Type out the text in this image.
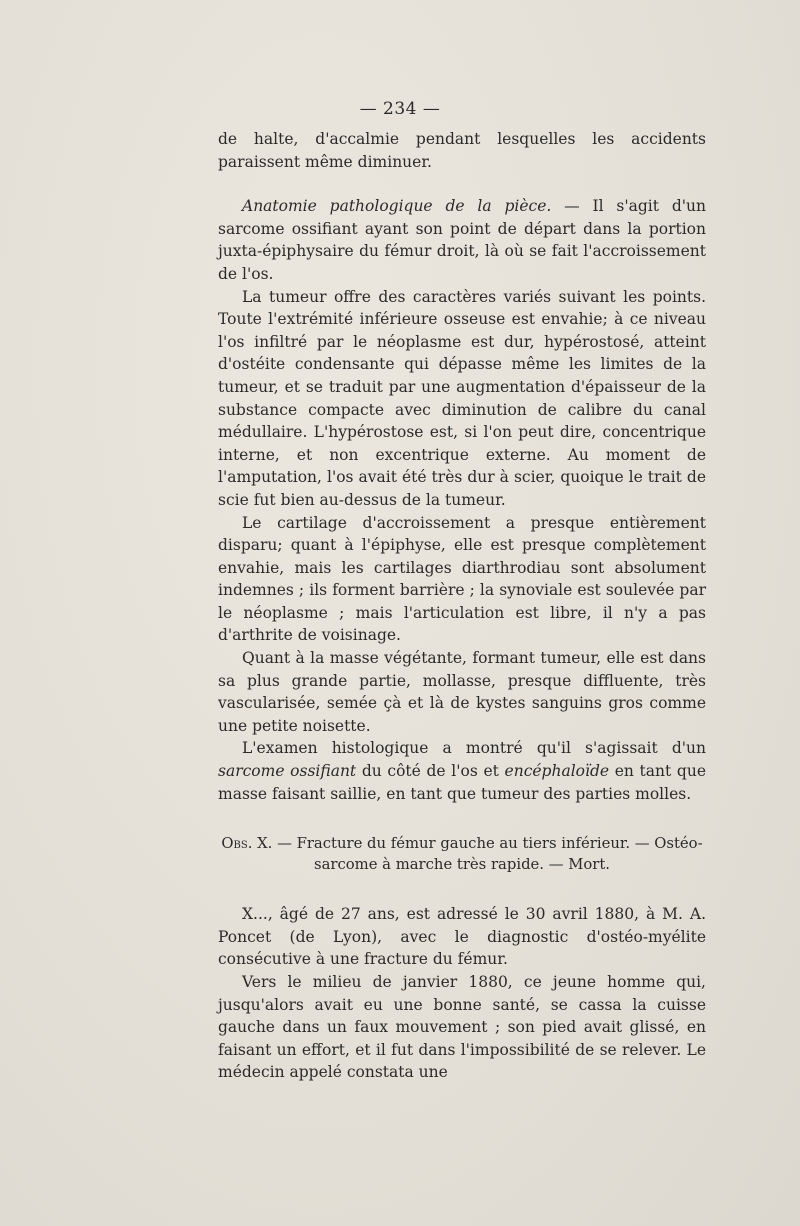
— 234 —

de halte, d'accalmie pendant lesquelles les accidents paraissent même diminuer.

Anatomie pathologique de la pièce. — Il s'agit d'un sarcome ossifiant ayant son point de départ dans la portion juxta-épiphysaire du fémur droit, là où se fait l'accroissement de l'os.

La tumeur offre des caractères variés suivant les points. Toute l'extrémité inférieure osseuse est envahie; à ce niveau l'os infiltré par le néoplasme est dur, hypérostosé, atteint d'ostéite condensante qui dépasse même les limites de la tumeur, et se traduit par une augmentation d'épaisseur de la substance compacte avec diminution de calibre du canal médullaire. L'hypérostose est, si l'on peut dire, concentrique interne, et non excentrique externe. Au moment de l'amputation, l'os avait été très dur à scier, quoique le trait de scie fut bien au-dessus de la tumeur.

Le cartilage d'accroissement a presque entièrement disparu; quant à l'épiphyse, elle est presque complètement envahie, mais les cartilages diarthrodiau sont absolument indemnes ; ils forment barrière ; la synoviale est soulevée par le néoplasme ; mais l'articulation est libre, il n'y a pas d'arthrite de voisinage.

Quant à la masse végétante, formant tumeur, elle est dans sa plus grande partie, mollasse, presque diffluente, très vascularisée, semée çà et là de kystes sanguins gros comme une petite noisette.

L'examen histologique a montré qu'il s'agissait d'un sarcome ossifiant du côté de l'os et encéphaloïde en tant que masse faisant saillie, en tant que tumeur des parties molles.

Obs. X. — Fracture du fémur gauche au tiers inférieur. — Ostéo-
sarcome à marche très rapide. — Mort.

X..., âgé de 27 ans, est adressé le 30 avril 1880, à M. A. Poncet (de Lyon), avec le diagnostic d'ostéo-myélite consécutive à une fracture du fémur.

Vers le milieu de janvier 1880, ce jeune homme qui, jusqu'alors avait eu une bonne santé, se cassa la cuisse gauche dans un faux mouvement ; son pied avait glissé, en faisant un effort, et il fut dans l'impossibilité de se relever. Le médecin appelé constata une
